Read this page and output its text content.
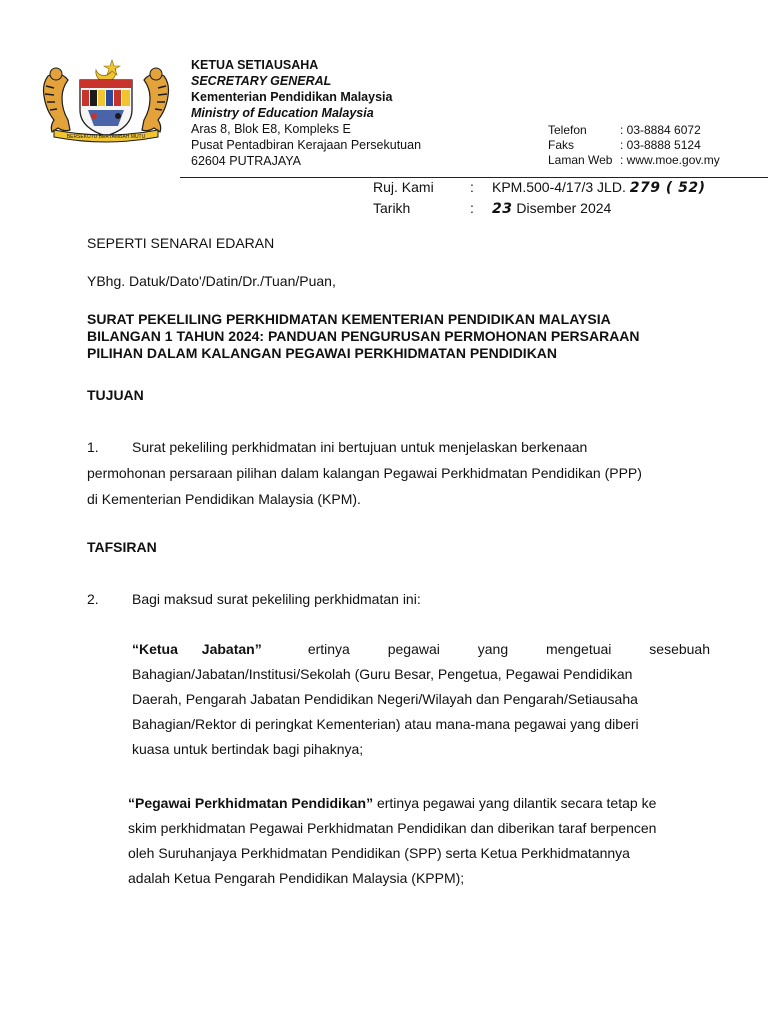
BERSEKUTU BERTAMBAH MUTU
KETUA SETIAUSAHA
SECRETARY GENERAL
Kementerian Pendidikan Malaysia
Ministry of Education Malaysia
Aras 8, Blok E8, Kompleks E
Pusat Pentadbiran Kerajaan Persekutuan
62604 PUTRAJAYA
Telefon	: 03-8884 6072
Faks	: 03-8888 5124
Laman Web : www.moe.gov.my
Ruj. Kami	:	KPM.500-4/17/3 JLD. 279 ( 52)
Tarikh	:	23 Disember 2024
SEPERTI SENARAI EDARAN
YBhg. Datuk/Dato'/Datin/Dr./Tuan/Puan,
SURAT PEKELILING PERKHIDMATAN KEMENTERIAN PENDIDIKAN MALAYSIA
BILANGAN 1 TAHUN 2024: PANDUAN PENGURUSAN PERMOHONAN PERSARAAN
PILIHAN DALAM KALANGAN PEGAWAI PERKHIDMATAN PENDIDIKAN
TUJUAN
1. Surat pekeliling perkhidmatan ini bertujuan untuk menjelaskan berkenaan
permohonan persaraan pilihan dalam kalangan Pegawai Perkhidmatan Pendidikan (PPP)
di Kementerian Pendidikan Malaysia (KPM).
TAFSIRAN
2. Bagi maksud surat pekeliling perkhidmatan ini:
“Ketua Jabatan”	ertinya pegawai yang mengetuai sesebuah
Bahagian/Jabatan/Institusi/Sekolah (Guru Besar, Pengetua, Pegawai Pendidikan
Daerah, Pengarah Jabatan Pendidikan Negeri/Wilayah dan Pengarah/Setiausaha
Bahagian/Rektor di peringkat Kementerian) atau mana-mana pegawai yang diberi
kuasa untuk bertindak bagi pihaknya;
“Pegawai Perkhidmatan Pendidikan” ertinya pegawai yang dilantik secara tetap ke
skim perkhidmatan Pegawai Perkhidmatan Pendidikan dan diberikan taraf berpencen
oleh Suruhanjaya Perkhidmatan Pendidikan (SPP) serta Ketua Perkhidmatannya
adalah Ketua Pengarah Pendidikan Malaysia (KPPM);
